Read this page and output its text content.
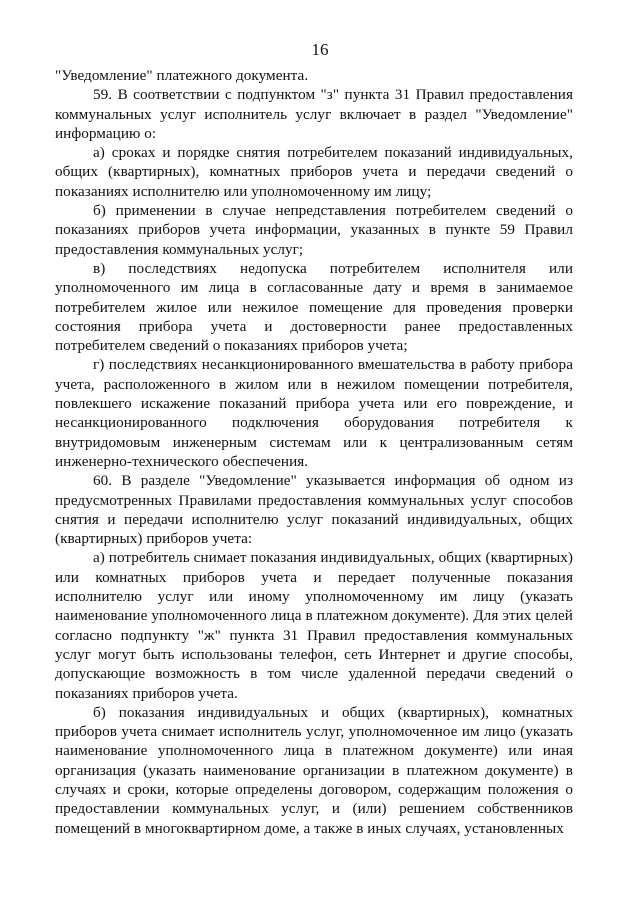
16

"Уведомление" платежного документа.

59. В соответствии с подпунктом "з" пункта 31 Правил предоставления коммунальных услуг исполнитель услуг включает в раздел "Уведомление" информацию о:

а) сроках и порядке снятия потребителем показаний индивидуальных, общих (квартирных), комнатных приборов учета и передачи сведений о показаниях исполнителю или уполномоченному им лицу;

б) применении в случае непредставления потребителем сведений о показаниях приборов учета информации, указанных в пункте 59 Правил предоставления коммунальных услуг;

в) последствиях недопуска потребителем исполнителя или уполномоченного им лица в согласованные дату и время в занимаемое потребителем жилое или нежилое помещение для проведения проверки состояния прибора учета и достоверности ранее предоставленных потребителем сведений о показаниях приборов учета;

г) последствиях несанкционированного вмешательства в работу прибора учета, расположенного в жилом или в нежилом помещении потребителя, повлекшего искажение показаний прибора учета или его повреждение, и несанкционированного подключения оборудования потребителя к внутридомовым инженерным системам или к централизованным сетям инженерно-технического обеспечения.

60. В разделе "Уведомление" указывается информация об одном из предусмотренных Правилами предоставления коммунальных услуг способов снятия и передачи исполнителю услуг показаний индивидуальных, общих (квартирных) приборов учета:

а) потребитель снимает показания индивидуальных, общих (квартирных) или комнатных приборов учета и передает полученные показания исполнителю услуг или иному уполномоченному им лицу (указать наименование уполномоченного лица в платежном документе). Для этих целей согласно подпункту "ж" пункта 31 Правил предоставления коммунальных услуг могут быть использованы телефон, сеть Интернет и другие способы, допускающие возможность в том числе удаленной передачи сведений о показаниях приборов учета.

б) показания индивидуальных и общих (квартирных), комнатных приборов учета снимает исполнитель услуг, уполномоченное им лицо (указать наименование уполномоченного лица в платежном документе) или иная организация (указать наименование организации в платежном документе) в случаях и сроки, которые определены договором, содержащим положения о предоставлении коммунальных услуг, и (или) решением собственников помещений в многоквартирном доме, а также в иных случаях, установленных
